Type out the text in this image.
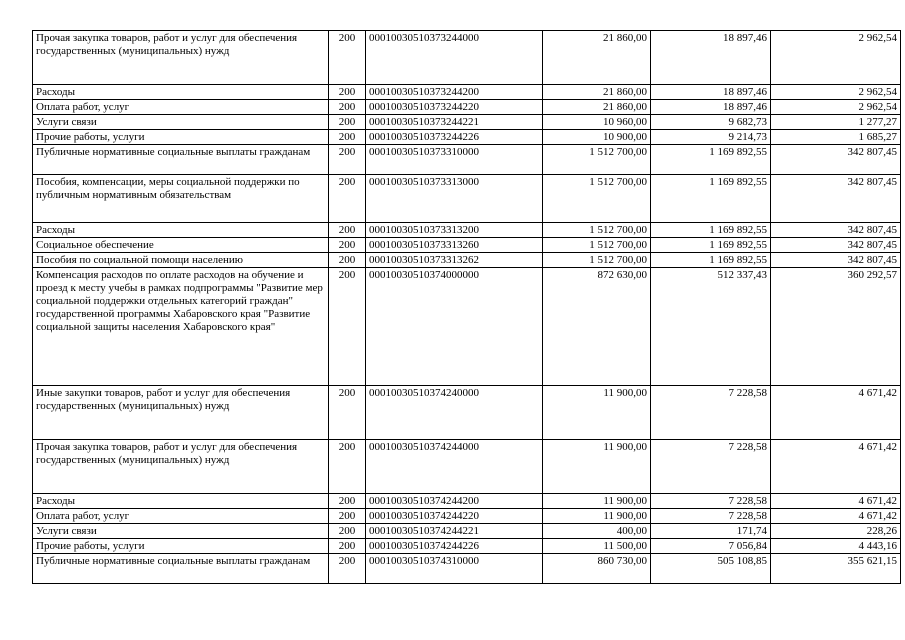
Прочая закупка товаров, работ и услуг для обеспечения государственных (муниципальных) нужд	200	00010030510373244000	21 860,00	18 897,46	2 962,54
Расходы	200	00010030510373244200	21 860,00	18 897,46	2 962,54
Оплата работ, услуг	200	00010030510373244220	21 860,00	18 897,46	2 962,54
Услуги связи	200	00010030510373244221	10 960,00	9 682,73	1 277,27
Прочие работы, услуги	200	00010030510373244226	10 900,00	9 214,73	1 685,27
Публичные нормативные социальные выплаты гражданам	200	00010030510373310000	1 512 700,00	1 169 892,55	342 807,45
Пособия, компенсации, меры социальной поддержки по публичным нормативным обязательствам	200	00010030510373313000	1 512 700,00	1 169 892,55	342 807,45
Расходы	200	00010030510373313200	1 512 700,00	1 169 892,55	342 807,45
Социальное обеспечение	200	00010030510373313260	1 512 700,00	1 169 892,55	342 807,45
Пособия по социальной помощи населению	200	00010030510373313262	1 512 700,00	1 169 892,55	342 807,45
Компенсация расходов по оплате расходов на обучение и проезд к месту учебы в рамках подпрограммы "Развитие мер социальной поддержки отдельных категорий граждан" государственной программы Хабаровского края "Развитие социальной защиты населения Хабаровского края"	200	00010030510374000000	872 630,00	512 337,43	360 292,57
Иные закупки товаров, работ и услуг для обеспечения государственных (муниципальных) нужд	200	00010030510374240000	11 900,00	7 228,58	4 671,42
Прочая закупка товаров, работ и услуг для обеспечения государственных (муниципальных) нужд	200	00010030510374244000	11 900,00	7 228,58	4 671,42
Расходы	200	00010030510374244200	11 900,00	7 228,58	4 671,42
Оплата работ, услуг	200	00010030510374244220	11 900,00	7 228,58	4 671,42
Услуги связи	200	00010030510374244221	400,00	171,74	228,26
Прочие работы, услуги	200	00010030510374244226	11 500,00	7 056,84	4 443,16
Публичные нормативные социальные выплаты гражданам	200	00010030510374310000	860 730,00	505 108,85	355 621,15
